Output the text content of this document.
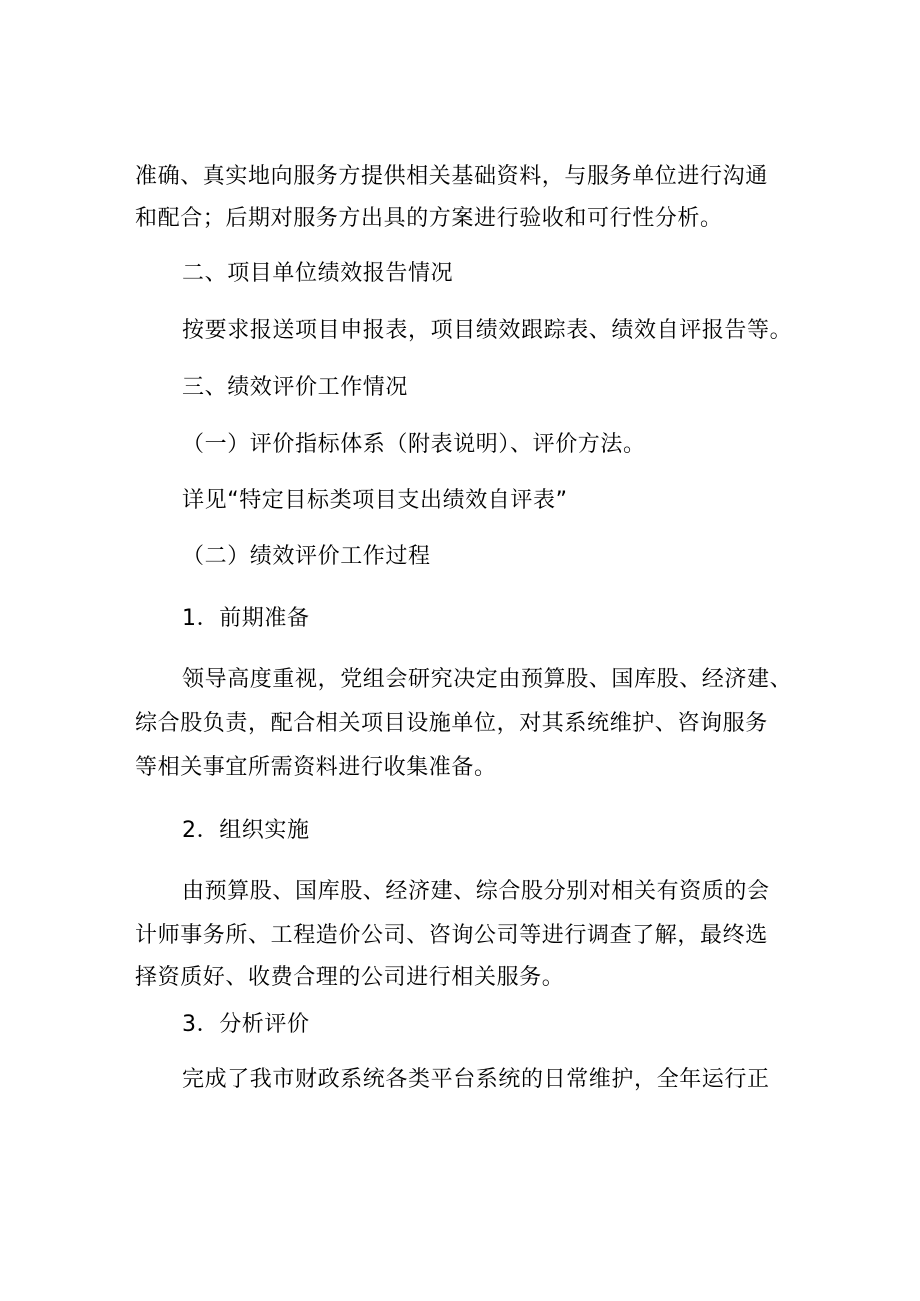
准确、真实地向服务方提供相关基础资料，与服务单位进行沟通

和配合；后期对服务方出具的方案进行验收和可行性分析。

二、项目单位绩效报告情况

按要求报送项目申报表，项目绩效跟踪表、绩效自评报告等。

三、绩效评价工作情况

（一）评价指标体系（附表说明）、评价方法。

详见“特定目标类项目支出绩效自评表”

（二）绩效评价工作过程

1．前期准备

领导高度重视，党组会研究决定由预算股、国库股、经济建、

综合股负责，配合相关项目设施单位，对其系统维护、咨询服务

等相关事宜所需资料进行收集准备。

2．组织实施

由预算股、国库股、经济建、综合股分别对相关有资质的会

计师事务所、工程造价公司、咨询公司等进行调查了解，最终选

择资质好、收费合理的公司进行相关服务。

3．分析评价

完成了我市财政系统各类平台系统的日常维护，全年运行正
